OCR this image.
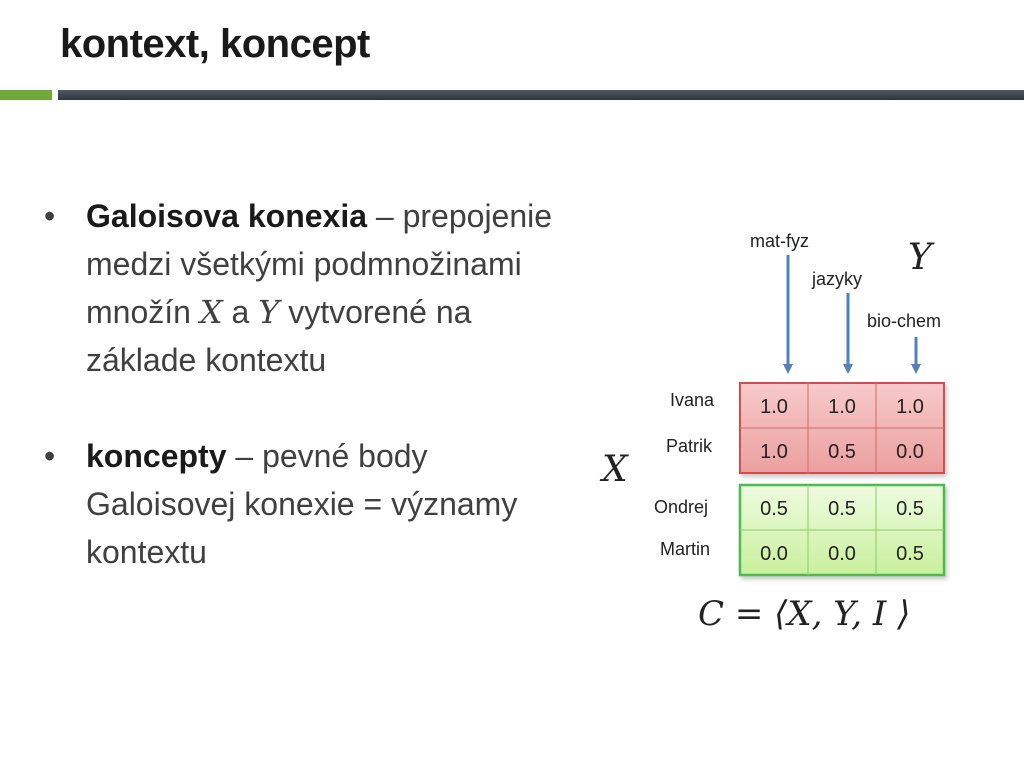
kontext, koncept
• Galoisova konexia – prepojenie
medzi všetkými podmnožinami
množín X a Y vytvorené na
základe kontextu
• koncepty – pevné body
Galoisovej konexie = významy
kontextu
mat-fyz
jazyky
bio-chem
Y
Ivana
Patrik
Ondrej
Martin
X
1.0 1.0 1.0
1.0 0.5 0.0
0.5 0.5 0.5
0.0 0.0 0.5
C = ⟨X, Y, I ⟩
